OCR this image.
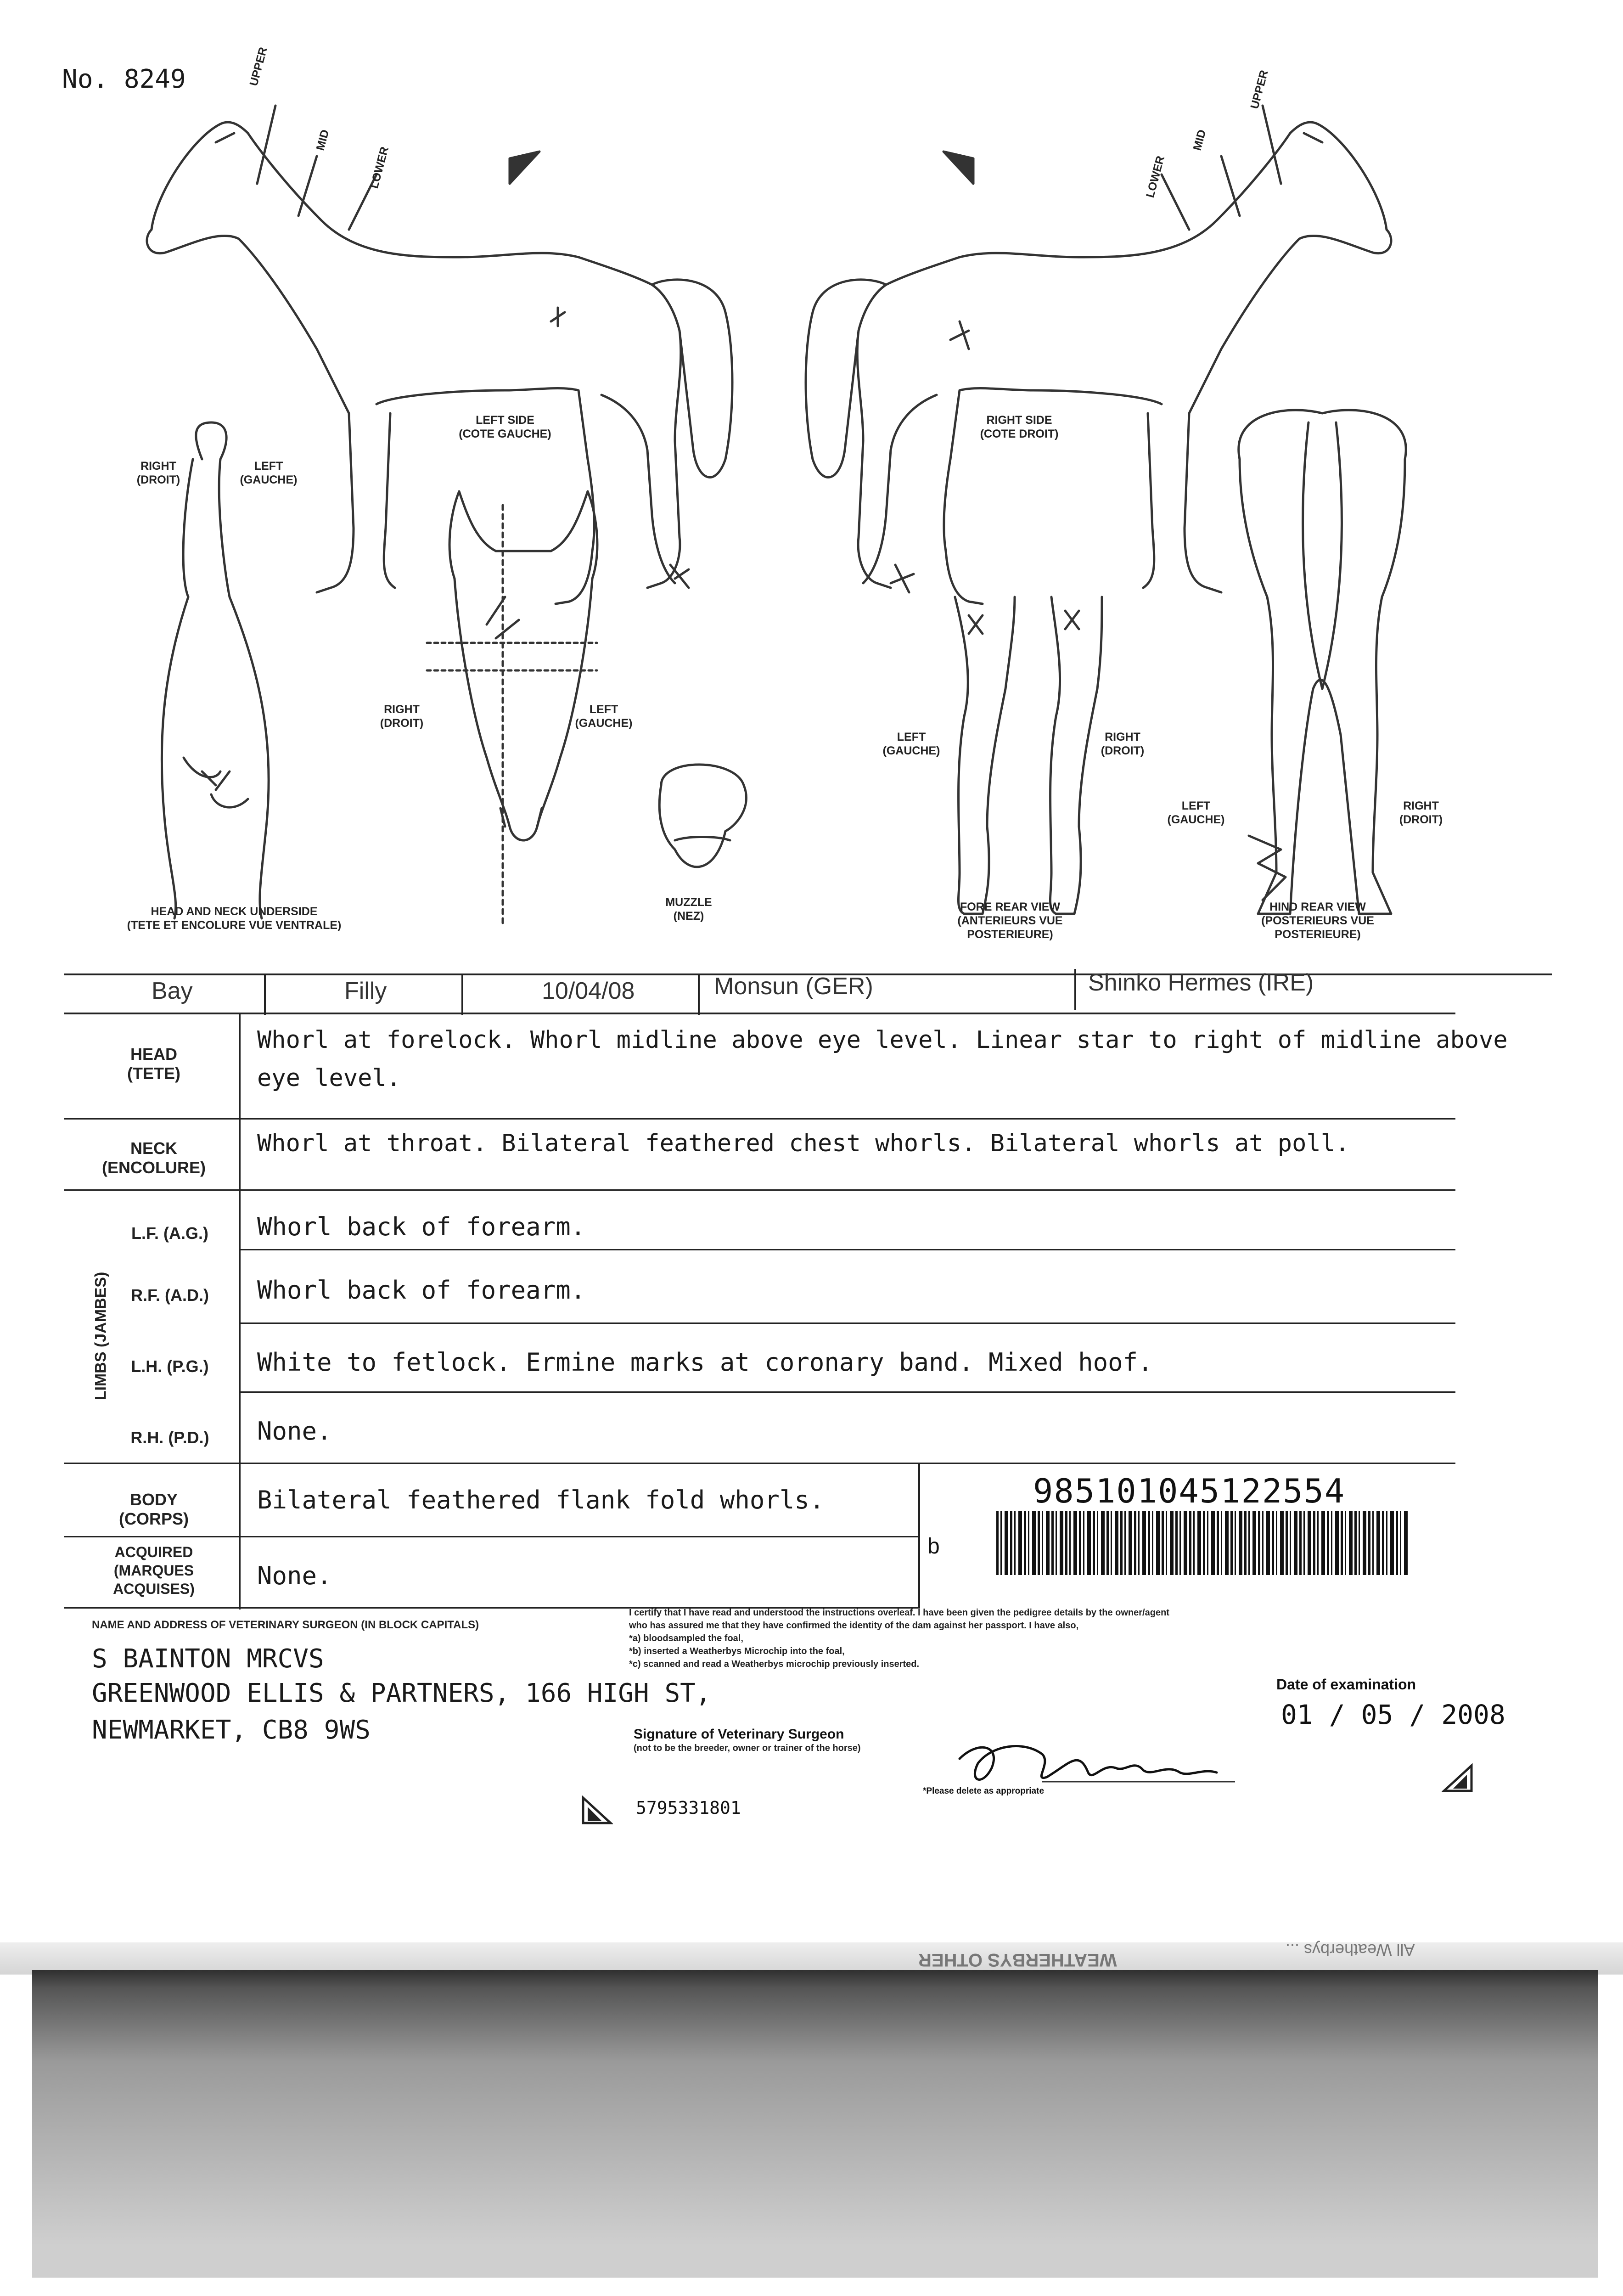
No. 8249	UPPER
MID
LOWER
UPPER
MID
LOWER
LEFT SIDE
(COTE GAUCHE)
RIGHT SIDE
(COTE DROIT)
RIGHT
(DROIT)
LEFT
(GAUCHE)
RIGHT
(DROIT)
LEFT
(GAUCHE)
HEAD AND NECK UNDERSIDE
(TETE ET ENCOLURE VUE VENTRALE)
MUZZLE
(NEZ)
LEFT
(GAUCHE)
RIGHT
(DROIT)
LEFT
(GAUCHE)
RIGHT
(DROIT)
FORE REAR VIEW
(ANTERIEURS VUE
POSTERIEURE)
HIND REAR VIEW
(POSTERIEURS VUE
POSTERIEURE)
Bay	Filly	10/04/08	Monsun (GER)	Shinko Hermes (IRE)
HEAD
(TETE)
Whorl at forelock. Whorl midline above eye level. Linear star to right of midline above
eye level.
NECK
(ENCOLURE)
Whorl at throat. Bilateral feathered chest whorls. Bilateral whorls at poll.
LIMBS (JAMBES)
L.F. (A.G.)	Whorl back of forearm.
R.F. (A.D.)	Whorl back of forearm.
L.H. (P.G.)	White to fetlock. Ermine marks at coronary band. Mixed hoof.
R.H. (P.D.)	None.
BODY
(CORPS)
Bilateral feathered flank fold whorls.
ACQUIRED
(MARQUES
ACQUISES)	None.
985101045122554
b
NAME AND ADDRESS OF VETERINARY SURGEON (IN BLOCK CAPITALS)
S BAINTON MRCVS
GREENWOOD ELLIS & PARTNERS, 166 HIGH ST,
NEWMARKET, CB8 9WS
I certify that I have read and understood the instructions overleaf. I have been given the pedigree details by the owner/agent
who has assured me that they have confirmed the identity of the dam against her passport. I have also,
*a) bloodsampled the foal,
*b) inserted a Weatherbys Microchip into the foal,
*c) scanned and read a Weatherbys microchip previously inserted.
Signature of Veterinary Surgeon
(not to be the breeder, owner or trainer of the horse)
*Please delete as appropriate
Date of examination
01 / 05 / 2008
5795331801
WEATHERBYS OTHER	All Weatherbys ...
